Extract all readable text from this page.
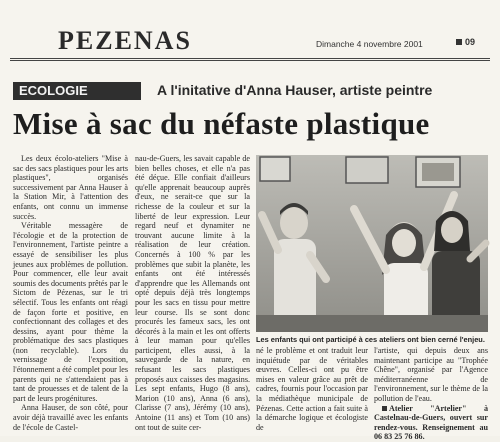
PEZENAS	Dimanche 4 novembre 2001	09
ECOLOGIE	A l'initative d'Anna Hauser, artiste peintre
Mise à sac du néfaste plastique

Les deux écolo-ateliers "Mise à sac des sacs plastiques pour les arts plastiques", organisés successivement par Anna Hauser à la Station Mir, à l'attention des enfants, ont connu un immense succès.

Véritable messagère de l'écologie et de la protection de l'environnement, l'artiste peintre a essayé de sensibiliser les plus jeunes aux problèmes de pollution. Pour commencer, elle leur avait soumis des documents prêtés par le Sictom de Pézenas, sur le tri sélectif. Tous les enfants ont réagi de façon forte et positive, en confectionnant des collages et des dessins, ayant pour thème la problématique des sacs plastiques (non recyclable). Lors du vernissage de l'exposition, l'étonnement a été complet pour les parents qui ne s'attendaient pas à tant de prouesses et de talent de la part de leurs progénitures.

Anna Hauser, de son côté, pour avoir déjà travaillé avec les enfants de l'école de Castel-

nau-de-Guers, les savait capable de bien belles choses, et elle n'a pas été déçue. Elle confiait d'ailleurs qu'elle apprenait beaucoup auprès d'eux, ne serait-ce que sur la richesse de la couleur et sur la liberté de leur expression. Leur regard neuf et dynamiter ne trouvant aucune limite à la réalisation de leur création. Concernés à 100 % par les problèmes que subit la planète, les enfants ont été intéressés d'apprendre que les Allemands ont opté depuis déjà très longtemps pour les sacs en tissu pour mettre leur course. Ils se sont donc procurés les fameux sacs, les ont décorés à la main et les ont offerts à leur maman pour qu'elles participent, elles aussi, à la sauvegarde de la nature, en refusant les sacs plastiques proposés aux caisses des magasins. Les sept enfants, Hugo (8 ans), Marion (10 ans), Anna (6 ans), Clarisse (7 ans), Jérémy (10 ans), Antoine (11 ans) et Tom (10 ans) ont tout de suite cer-

Les enfants qui ont participé à ces ateliers ont bien cerné l'enjeu.

né le problème et ont traduit leur inquiétude par de véritables œuvres. Celles-ci ont pu être mises en valeur grâce au prêt de cadres, fournis pour l'occasion par la médiathèque municipale de Pézenas. Cette action a fait suite à la démarche logique et écologiste de

l'artiste, qui depuis deux ans maintenant participe au "Trophée Chêne", organisé par l'Agence méditerranéenne de l'environnement, sur le thème de la pollution de l'eau.

Atelier "Artelier" à Castelnau-de-Guers, ouvert sur rendez-vous. Renseignement au 06 83 25 76 86.
